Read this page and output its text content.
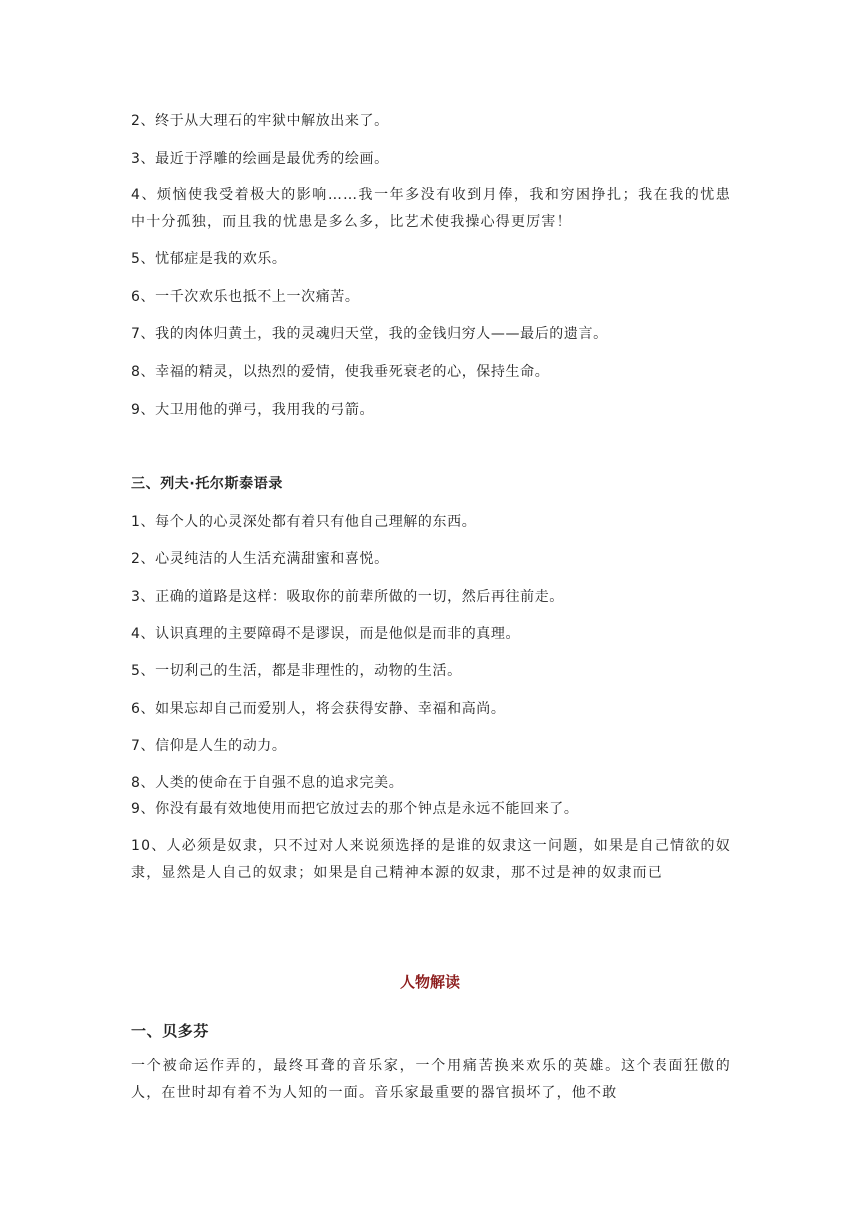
2、终于从大理石的牢狱中解放出来了。
3、最近于浮雕的绘画是最优秀的绘画。
4、烦恼使我受着极大的影响……我一年多没有收到月俸，我和穷困挣扎；我在我的忧患中十分孤独，而且我的忧患是多么多，比艺术使我操心得更厉害！
5、忧郁症是我的欢乐。
6、一千次欢乐也抵不上一次痛苦。
7、我的肉体归黄土，我的灵魂归天堂，我的金钱归穷人——最后的遗言。
8、幸福的精灵，以热烈的爱情，使我垂死衰老的心，保持生命。
9、大卫用他的弹弓，我用我的弓箭。
三、列夫·托尔斯泰语录
1、每个人的心灵深处都有着只有他自己理解的东西。
2、心灵纯洁的人生活充满甜蜜和喜悦。
3、正确的道路是这样：吸取你的前辈所做的一切，然后再往前走。
4、认识真理的主要障碍不是谬误，而是他似是而非的真理。
5、一切利己的生活，都是非理性的，动物的生活。
6、如果忘却自己而爱别人，将会获得安静、幸福和高尚。
7、信仰是人生的动力。
8、人类的使命在于自强不息的追求完美。
9、你没有最有效地使用而把它放过去的那个钟点是永远不能回来了。
10、人必须是奴隶，只不过对人来说须选择的是谁的奴隶这一问题，如果是自己情欲的奴隶，显然是人自己的奴隶；如果是自己精神本源的奴隶，那不过是神的奴隶而已
人物解读
一、贝多芬
一个被命运作弄的，最终耳聋的音乐家，一个用痛苦换来欢乐的英雄。这个表面狂傲的人，在世时却有着不为人知的一面。音乐家最重要的器官损坏了，他不敢
